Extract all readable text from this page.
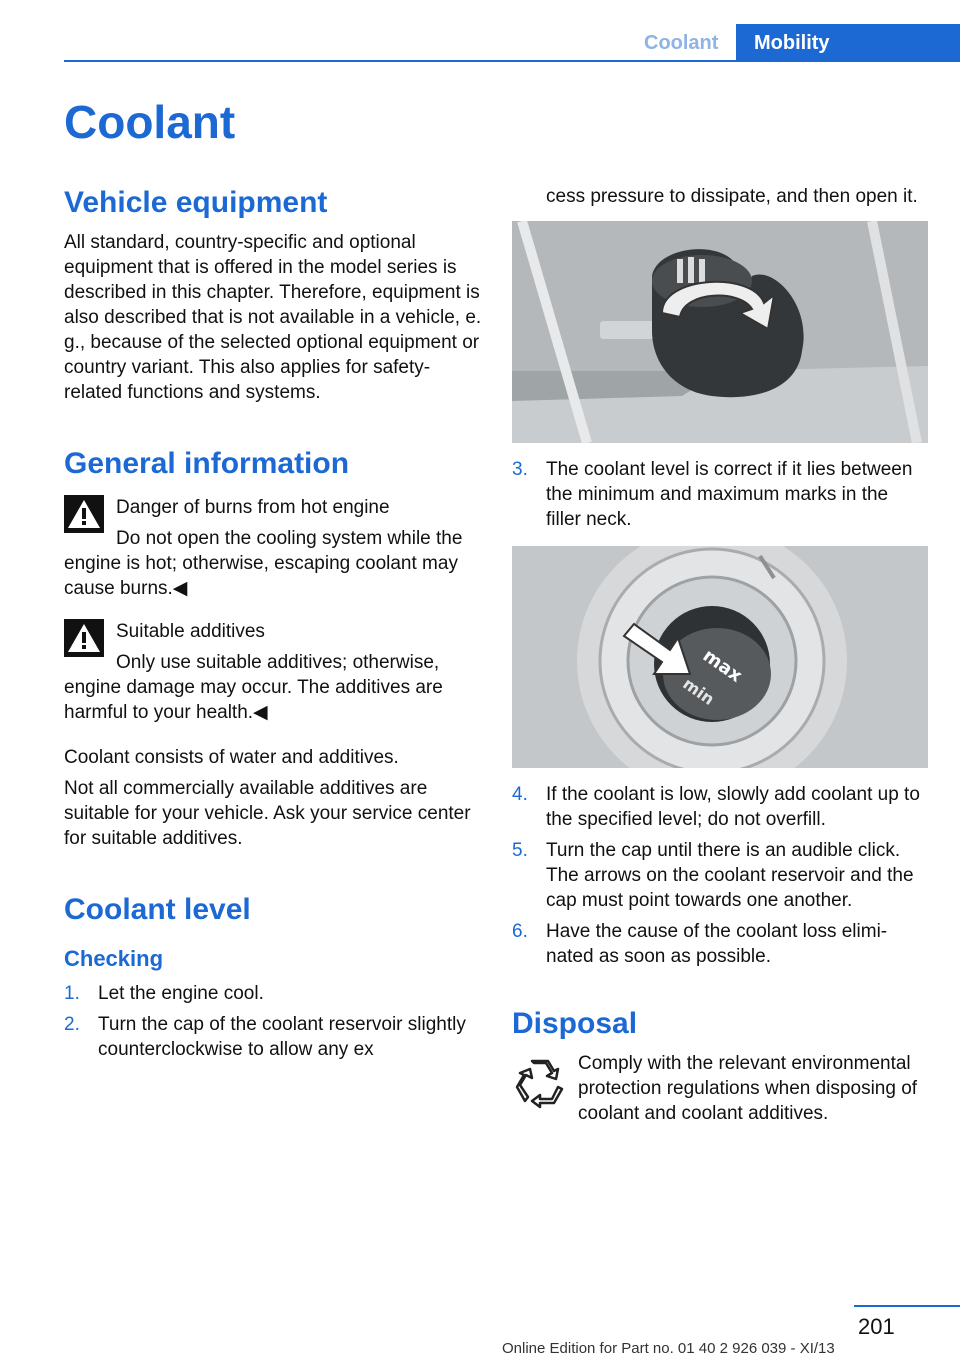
Coolant Mobility
Coolant
Vehicle equipment

All standard, country-specific and optional equipment that is offered in the model series is described in this chapter. Therefore, equipment is also described that is not available in a vehicle, e. g., because of the selected optional equipment or country variant. This also applies for safety-related functions and systems.

General information

Danger of burns from hot engine

Do not open the cooling system while the engine is hot; otherwise, escaping coolant may cause burns.◀

Suitable additives

Only use suitable additives; otherwise, engine damage may occur. The additives are harmful to your health.◀

Coolant consists of water and additives.

Not all commercially available additives are suitable for your vehicle. Ask your service center for suitable additives.

Coolant level
Checking
1. Let the engine cool.
2. Turn the cap of the coolant reservoir slightly counterclockwise to allow any ex
cess pressure to dissipate, and then open it.
3. The coolant level is correct if it lies between the minimum and maximum marks in the filler neck.
max
min
4. If the coolant is low, slowly add coolant up to the specified level; do not overfill.
5. Turn the cap until there is an audible click. The arrows on the coolant reservoir and the cap must point towards one another.
6. Have the cause of the coolant loss eliminated as soon as possible.
Disposal

Comply with the relevant environmental protection regulations when disposing of coolant and coolant additives.

201
Online Edition for Part no. 01 40 2 926 039 - XI/13
